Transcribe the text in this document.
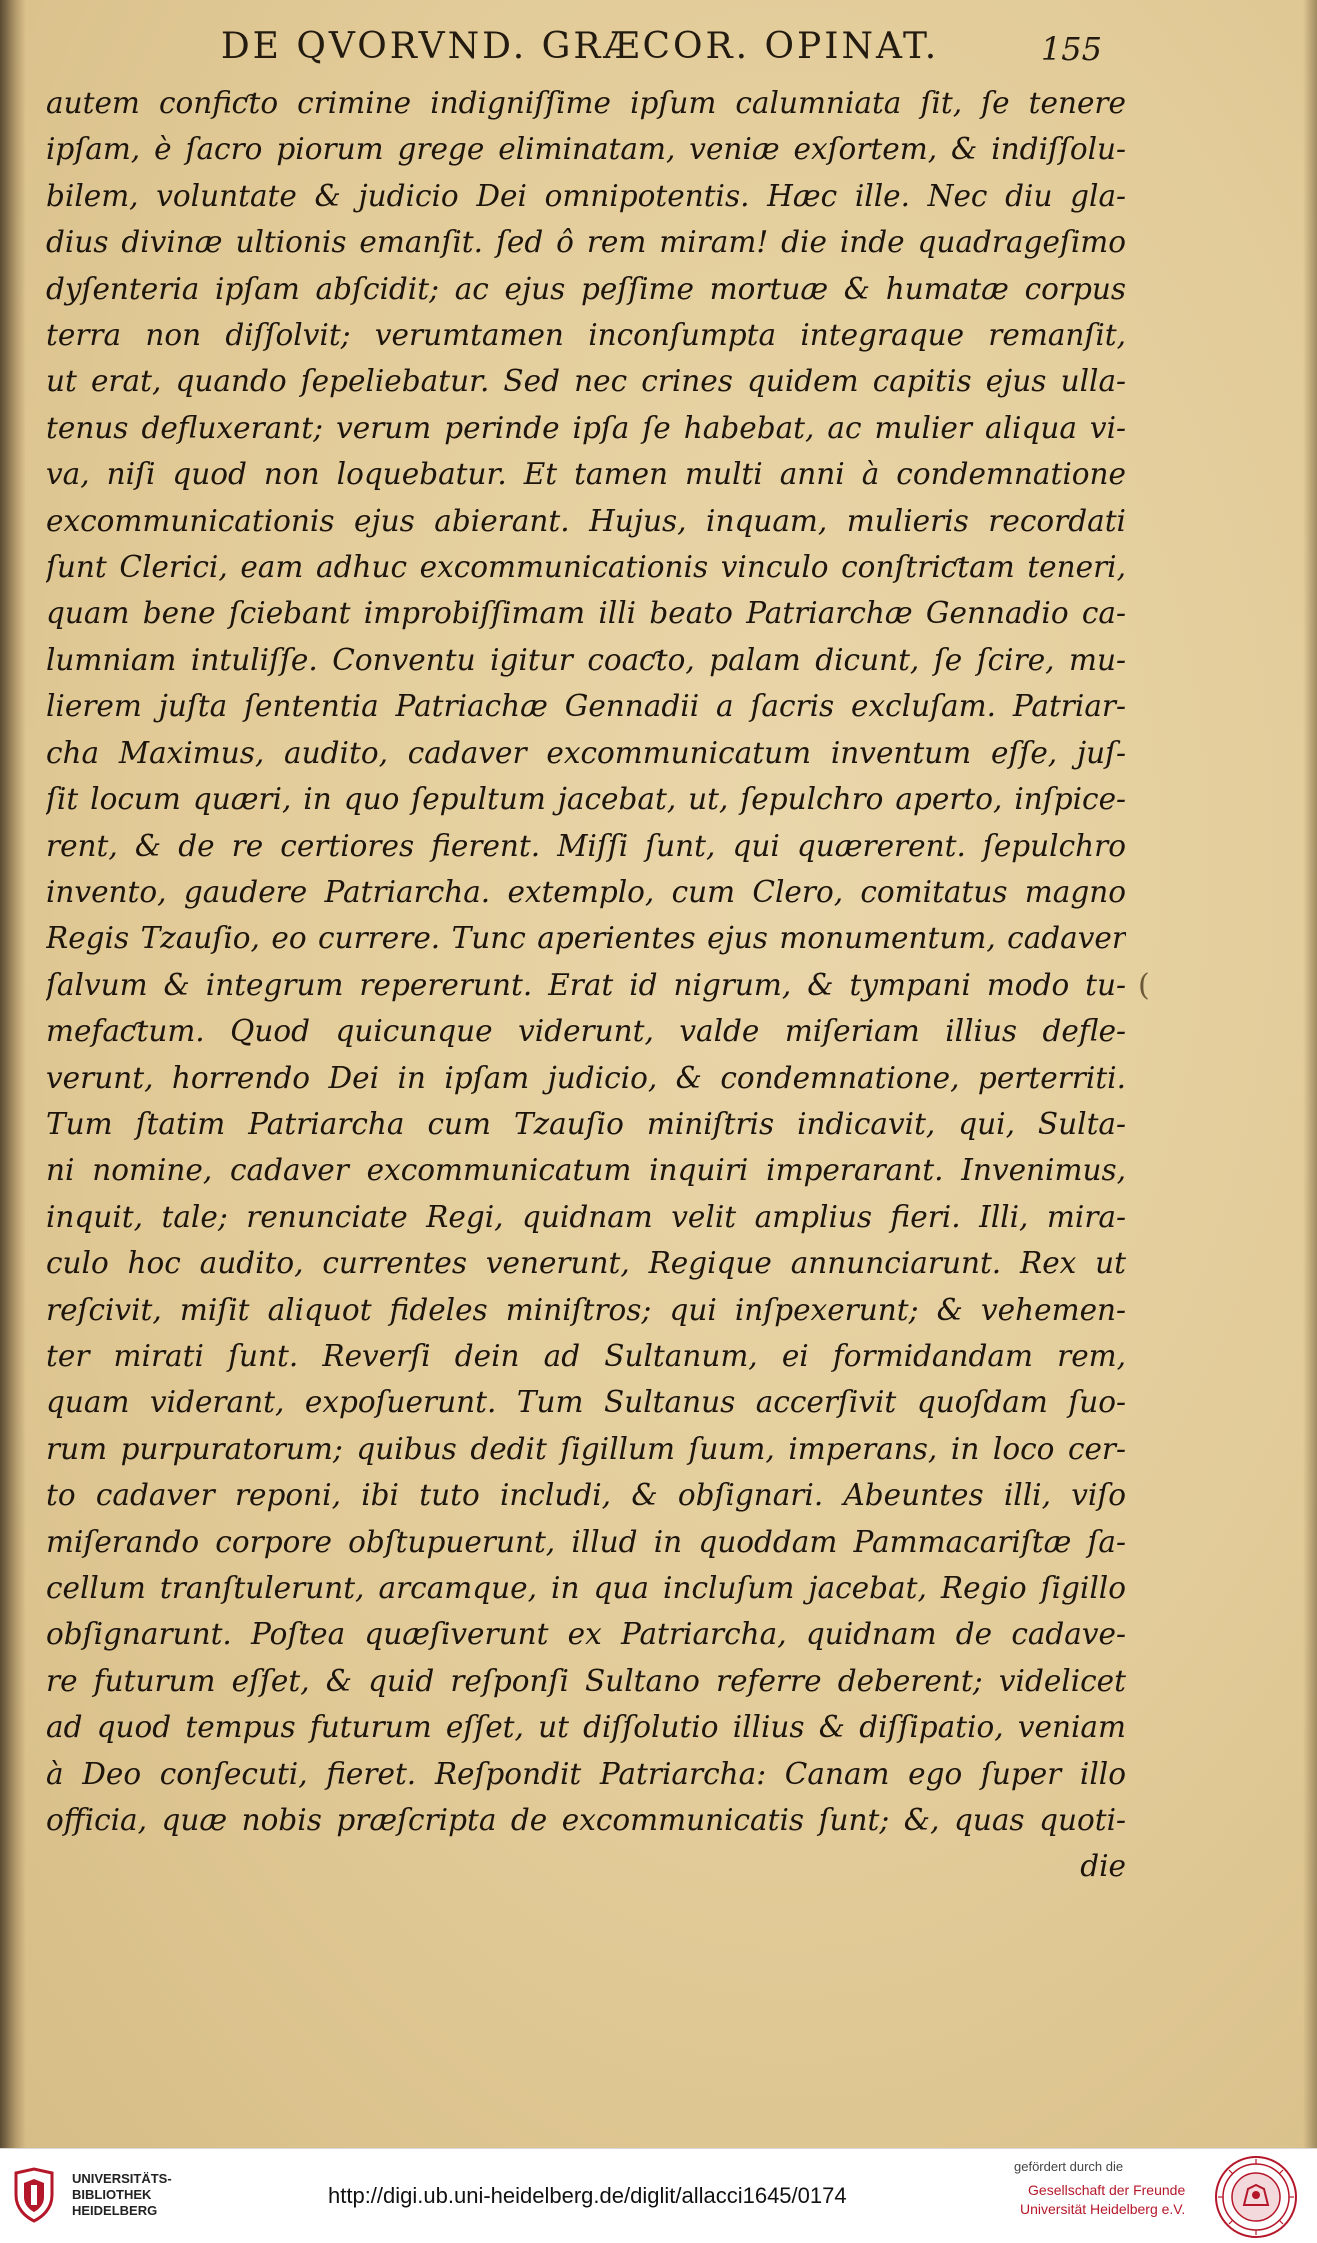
DE QVORVND. GRÆCOR. OPINAT.	155
autem confiƈto crimine indigniſſime ipſum calumniata ſit, ſe tenere
ipſam, è ſacro piorum grege eliminatam, veniæ exſortem, & indiſſolu-
bilem, voluntate & judicio Dei omnipotentis. Hæc ille. Nec diu gla-
dius divinæ ultionis emanſit. ſed ô rem miram! die inde quadrageſimo
dyſenteria ipſam abſcidit; ac ejus peſſime mortuæ & humatæ corpus
terra non diſſolvit; verumtamen inconſumpta integraque remanſit,
ut erat, quando ſepeliebatur. Sed nec crines quidem capitis ejus ulla-
tenus defluxerant; verum perinde ipſa ſe habebat, ac mulier aliqua vi-
va, niſi quod non loquebatur. Et tamen multi anni à condemnatione
excommunicationis ejus abierant. Hujus, inquam, mulieris recordati
ſunt Clerici, eam adhuc excommunicationis vinculo conſtriƈtam teneri,
quam bene ſciebant improbiſſimam illi beato Patriarchæ Gennadio ca-
lumniam intuliſſe. Conventu igitur coaƈto, palam dicunt, ſe ſcire, mu-
lierem juſta ſententia Patriachæ Gennadii a ſacris excluſam. Patriar-
cha Maximus, audito, cadaver excommunicatum inventum eſſe, juſ-
ſit locum quæri, in quo ſepultum jacebat, ut, ſepulchro aperto, inſpice-
rent, & de re certiores fierent. Miſſi ſunt, qui quærerent. ſepulchro
invento, gaudere Patriarcha. extemplo, cum Clero, comitatus magno
Regis Tzauſio, eo currere. Tunc aperientes ejus monumentum, cadaver
ſalvum & integrum repererunt. Erat id nigrum, & tympani modo tu-
mefaƈtum. Quod quicunque viderunt, valde miſeriam illius defle-
verunt, horrendo Dei in ipſam judicio, & condemnatione, perterriti.
Tum ſtatim Patriarcha cum Tzauſio miniſtris indicavit, qui, Sulta-
ni nomine, cadaver excommunicatum inquiri imperarant. Invenimus,
inquit, tale; renunciate Regi, quidnam velit amplius fieri. Illi, mira-
culo hoc audito, currentes venerunt, Regique annunciarunt. Rex ut
reſcivit, miſit aliquot fideles miniſtros; qui inſpexerunt; & vehemen-
ter mirati ſunt. Reverſi dein ad Sultanum, ei formidandam rem,
quam viderant, expoſuerunt. Tum Sultanus accerſivit quoſdam ſuo-
rum purpuratorum; quibus dedit ſigillum ſuum, imperans, in loco cer-
to cadaver reponi, ibi tuto includi, & obſignari. Abeuntes illi, viſo
miſerando corpore obſtupuerunt, illud in quoddam Pammacariſtæ ſa-
cellum tranſtulerunt, arcamque, in qua incluſum jacebat, Regio ſigillo
obſignarunt. Poſtea quæſiverunt ex Patriarcha, quidnam de cadave-
re futurum eſſet, & quid reſponſi Sultano referre deberent; videlicet
ad quod tempus futurum eſſet, ut diſſolutio illius & diſſipatio, veniam
à Deo conſecuti, fieret. Reſpondit Patriarcha: Canam ego ſuper illo
officia, quæ nobis præſcripta de excommunicatis ſunt; &, quas quoti-
die
(
UNIVERSITÄTS-
BIBLIOTHEK
HEIDELBERG
http://digi.ub.uni-heidelberg.de/diglit/allacci1645/0174
gefördert durch die
Gesellschaft der Freunde
Universität Heidelberg e.V.
